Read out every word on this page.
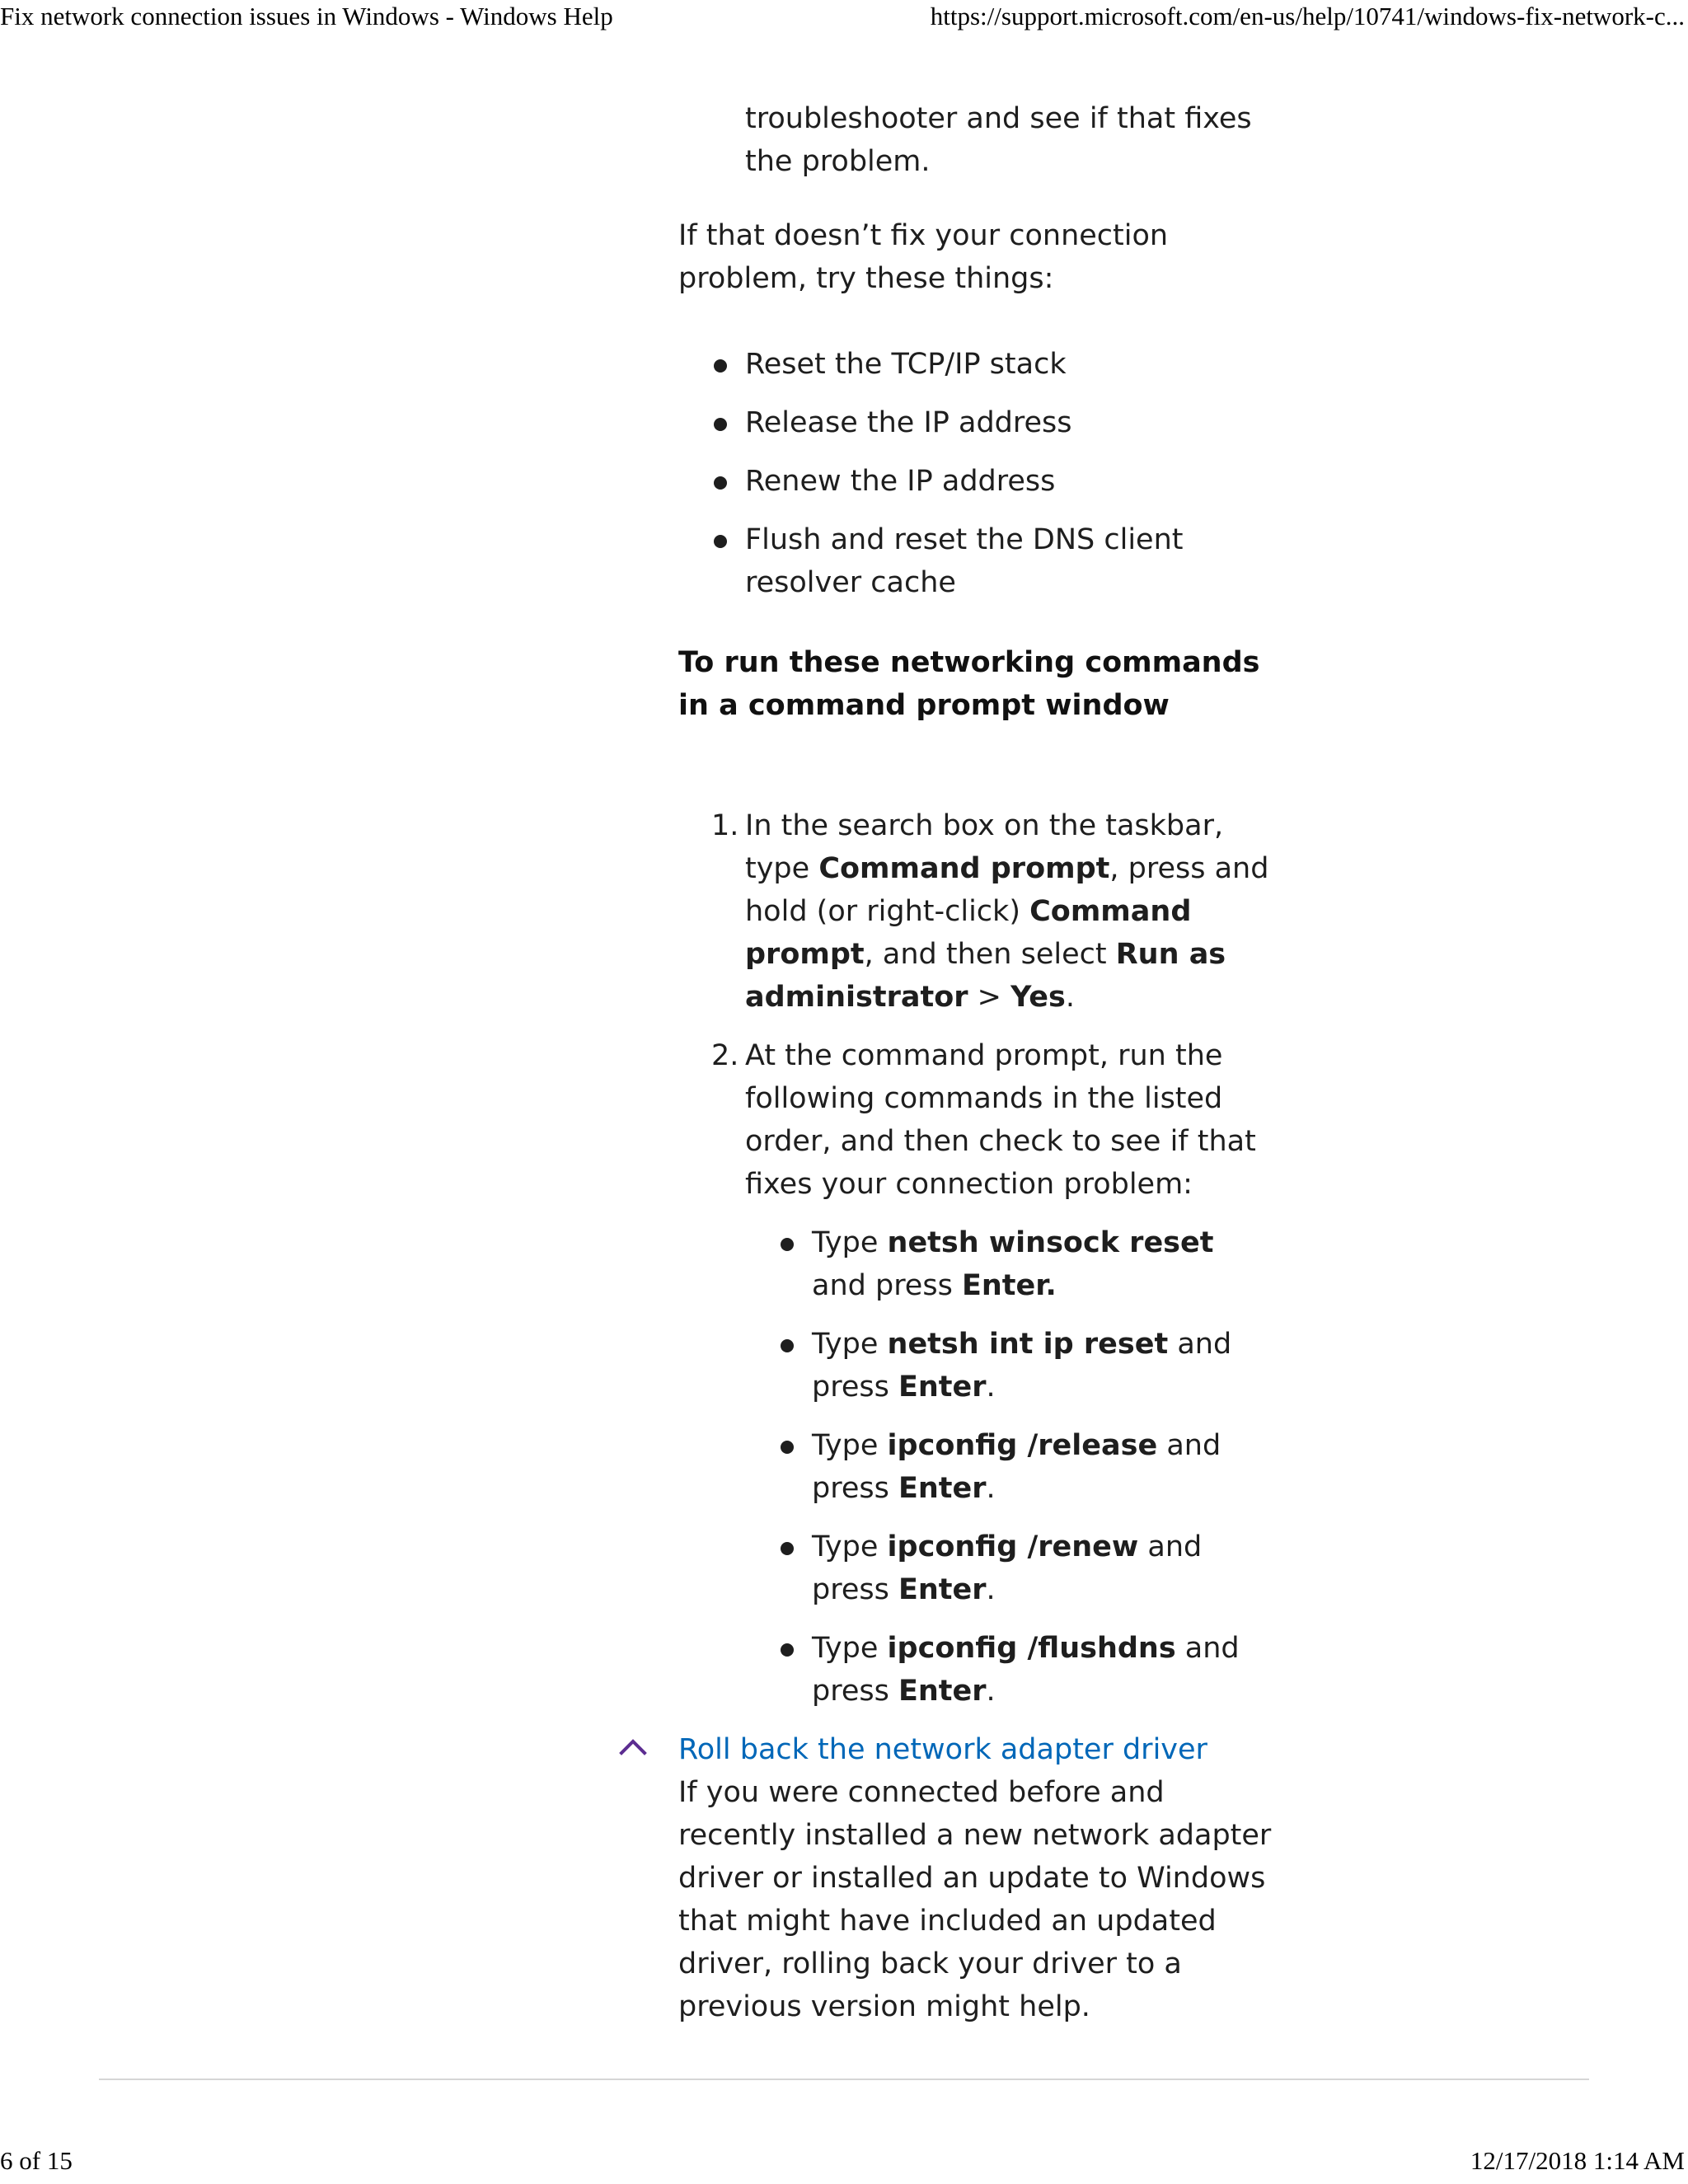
Fix network connection issues in Windows - Windows Help	https://support.microsoft.com/en-us/help/10741/windows-fix-network-c...

troubleshooter and see if that fixes the problem.

If that doesn’t fix your connection problem, try these things:

Reset the TCP/IP stack
Release the IP address
Renew the IP address
Flush and reset the DNS client resolver cache

To run these networking commands in a command prompt window

1. In the search box on the taskbar, type Command prompt, press and hold (or right-click) Command prompt, and then select Run as administrator > Yes.
2. At the command prompt, run the following commands in the listed order, and then check to see if that fixes your connection problem:
Type netsh winsock reset and press Enter.
Type netsh int ip reset and press Enter.
Type ipconfig /release and press Enter.
Type ipconfig /renew and press Enter.
Type ipconfig /flushdns and press Enter.
Roll back the network adapter driver

If you were connected before and recently installed a new network adapter driver or installed an update to Windows that might have included an updated driver, rolling back your driver to a previous version might help.

6 of 15	12/17/2018 1:14 AM
